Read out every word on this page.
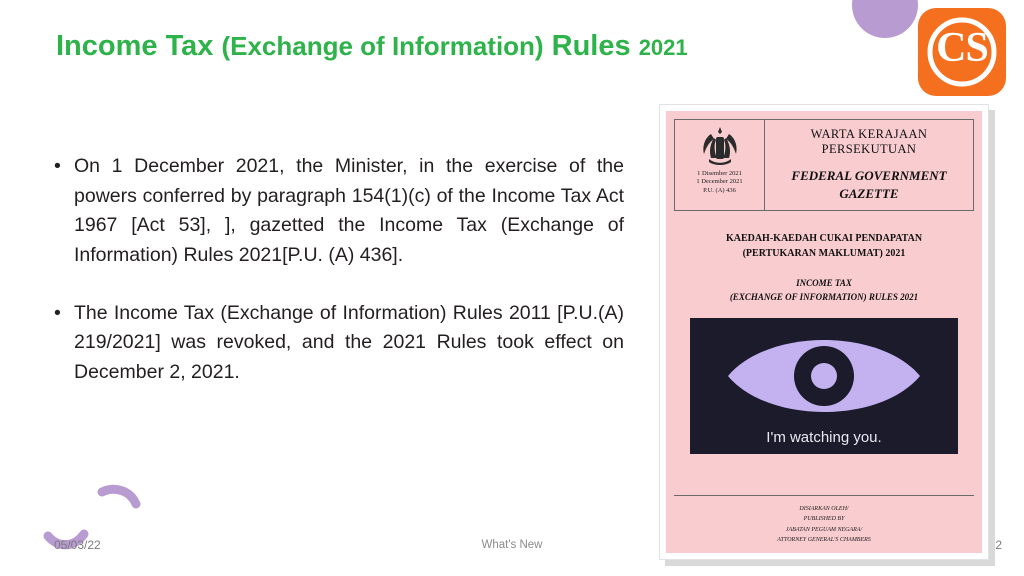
CS
Income Tax (Exchange of Information) Rules 2021
• On 1 December 2021, the Minister, in the exercise of the powers conferred by paragraph 154(1)(c) of the Income Tax Act 1967 [Act 53], ], gazetted the Income Tax (Exchange of Information) Rules 2021[P.U. (A) 436].
• The Income Tax (Exchange of Information) Rules 2011 [P.U.(A) 219/2021] was revoked, and the 2021 Rules took effect on December 2, 2021.
1 Disember 2021
1 December 2021
P.U. (A) 436
WARTA KERAJAAN PERSEKUTUAN
FEDERAL GOVERNMENT
GAZETTE
KAEDAH-KAEDAH CUKAI PENDAPATAN
(PERTUKARAN MAKLUMAT) 2021
INCOME TAX
(EXCHANGE OF INFORMATION) RULES 2021
I'm watching you.
DISIARKAN OLEH/
PUBLISHED BY
JABATAN PEGUAM NEGARA/
ATTORNEY GENERAL'S CHAMBERS
05/03/22	What's New	2
